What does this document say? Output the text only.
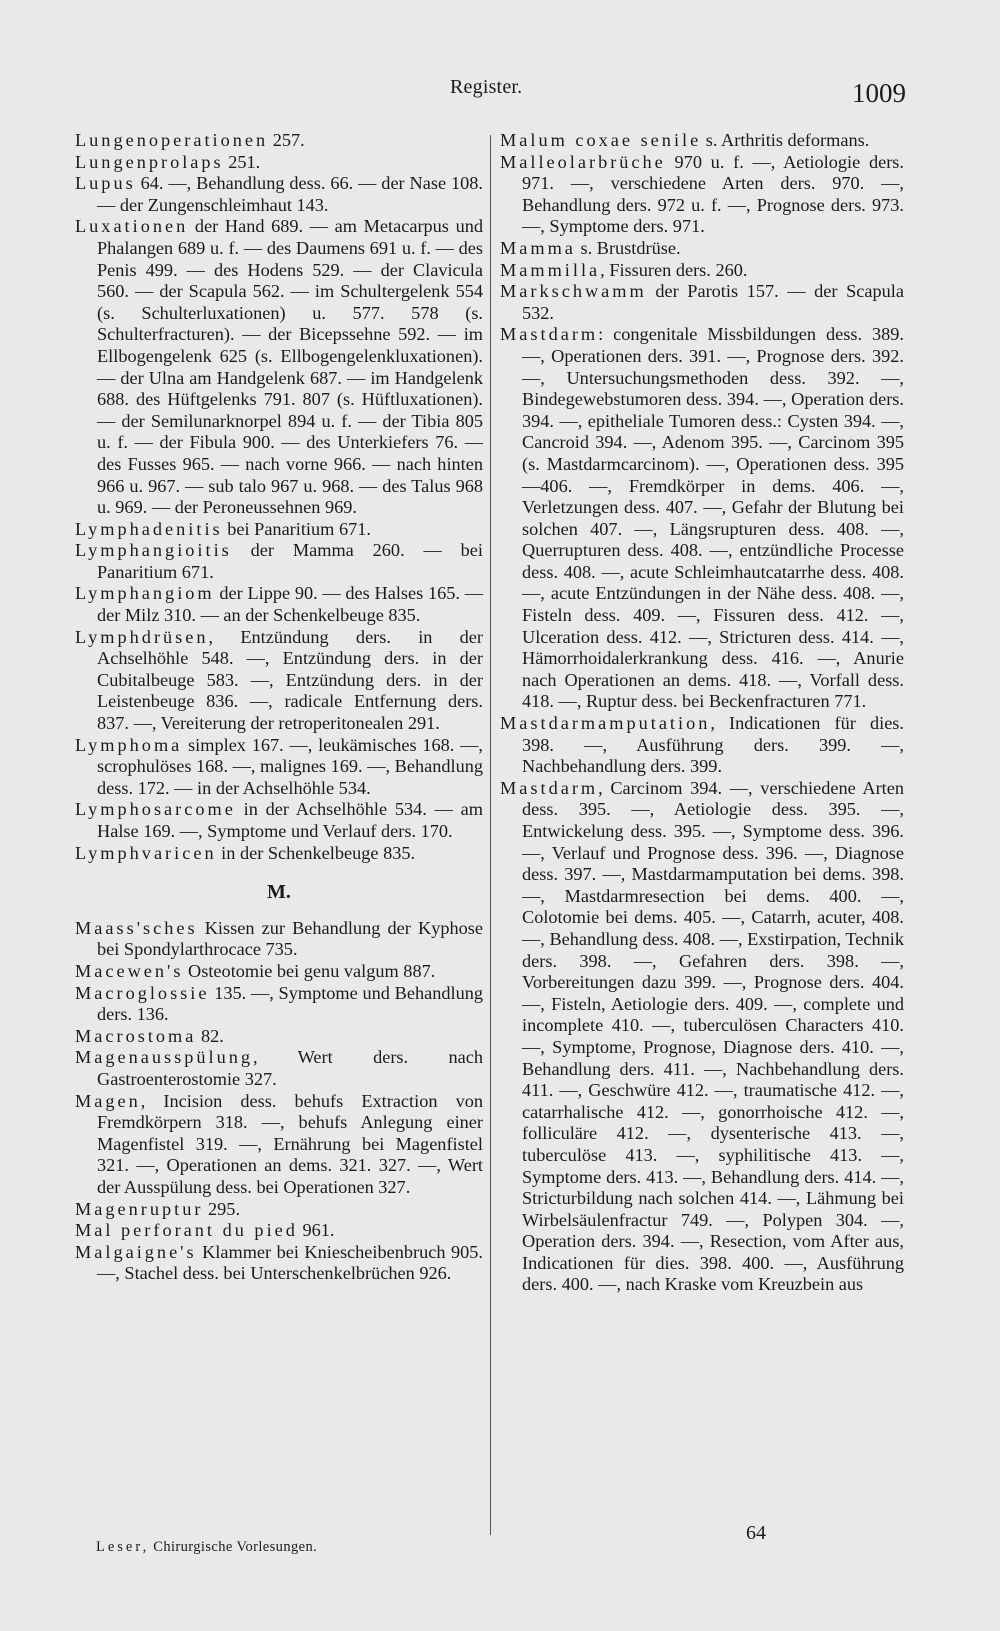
Register.	1009

Lungenoperationen 257.

Lungenprolaps 251.

Lupus 64. —, Behandlung dess. 66. — der Nase 108. — der Zungenschleimhaut 143.

Luxationen der Hand 689. — am Metacarpus und Phalangen 689 u. f. — des Daumens 691 u. f. — des Penis 499. — des Hodens 529. — der Clavicula 560. — der Scapula 562. — im Schultergelenk 554 (s. Schulterluxationen) u. 577. 578 (s. Schulterfracturen). — der Bicepssehne 592. — im Ellbogengelenk 625 (s. Ellbogengelenkluxationen). — der Ulna am Handgelenk 687. — im Handgelenk 688. des Hüftgelenks 791. 807 (s. Hüftluxationen). — der Semilunarknorpel 894 u. f. — der Tibia 805 u. f. — der Fibula 900. — des Unterkiefers 76. — des Fusses 965. — nach vorne 966. — nach hinten 966 u. 967. — sub talo 967 u. 968. — des Talus 968 u. 969. — der Peroneussehnen 969.

Lymphadenitis bei Panaritium 671.

Lymphangioitis der Mamma 260. — bei Panaritium 671.

Lymphangiom der Lippe 90. — des Halses 165. — der Milz 310. — an der Schenkelbeuge 835.

Lymphdrüsen, Entzündung ders. in der Achselhöhle 548. —, Entzündung ders. in der Cubitalbeuge 583. —, Entzündung ders. in der Leistenbeuge 836. —, radicale Entfernung ders. 837. —, Vereiterung der retroperitonealen 291.

Lymphoma simplex 167. —, leukämisches 168. —, scrophulöses 168. —, malignes 169. —, Behandlung dess. 172. — in der Achselhöhle 534.

Lymphosarcome in der Achselhöhle 534. — am Halse 169. —, Symptome und Verlauf ders. 170.

Lymphvaricen in der Schenkelbeuge 835.

M.

Maass'sches Kissen zur Behandlung der Kyphose bei Spondylarthrocace 735.

Macewen's Osteotomie bei genu valgum 887.

Macroglossie 135. —, Symptome und Behandlung ders. 136.

Macrostoma 82.

Magenausspülung, Wert ders. nach Gastroenterostomie 327.

Magen, Incision dess. behufs Extraction von Fremdkörpern 318. —, behufs Anlegung einer Magenfistel 319. —, Ernährung bei Magenfistel 321. —, Operationen an dems. 321. 327. —, Wert der Ausspülung dess. bei Operationen 327.

Magenruptur 295.

Mal perforant du pied 961.

Malgaigne's Klammer bei Kniescheibenbruch 905. —, Stachel dess. bei Unterschenkelbrüchen 926.

Malum coxae senile s. Arthritis deformans.

Malleolarbrüche 970 u. f. —, Aetiologie ders. 971. —, verschiedene Arten ders. 970. —, Behandlung ders. 972 u. f. —, Prognose ders. 973. —, Symptome ders. 971.

Mamma s. Brustdrüse.

Mammilla, Fissuren ders. 260.

Markschwamm der Parotis 157. — der Scapula 532.

Mastdarm: congenitale Missbildungen dess. 389. —, Operationen ders. 391. —, Prognose ders. 392. —, Untersuchungsmethoden dess. 392. —, Bindegewebstumoren dess. 394. —, Operation ders. 394. —, epitheliale Tumoren dess.: Cysten 394. —, Cancroid 394. —, Adenom 395. —, Carcinom 395 (s. Mastdarmcarcinom). —, Operationen dess. 395—406. —, Fremdkörper in dems. 406. —, Verletzungen dess. 407. —, Gefahr der Blutung bei solchen 407. —, Längsrupturen dess. 408. —, Querrupturen dess. 408. —, entzündliche Processe dess. 408. —, acute Schleimhautcatarrhe dess. 408. —, acute Entzündungen in der Nähe dess. 408. —, Fisteln dess. 409. —, Fissuren dess. 412. —, Ulceration dess. 412. —, Stricturen dess. 414. —, Hämorrhoidalerkrankung dess. 416. —, Anurie nach Operationen an dems. 418. —, Vorfall dess. 418. —, Ruptur dess. bei Beckenfracturen 771.

Mastdarmamputation, Indicationen für dies. 398. —, Ausführung ders. 399. —, Nachbehandlung ders. 399.

Mastdarm, Carcinom 394. —, verschiedene Arten dess. 395. —, Aetiologie dess. 395. —, Entwickelung dess. 395. —, Symptome dess. 396. —, Verlauf und Prognose dess. 396. —, Diagnose dess. 397. —, Mastdarmamputation bei dems. 398. —, Mastdarmresection bei dems. 400. —, Colotomie bei dems. 405. —, Catarrh, acuter, 408. —, Behandlung dess. 408. —, Exstirpation, Technik ders. 398. —, Gefahren ders. 398. —, Vorbereitungen dazu 399. —, Prognose ders. 404. —, Fisteln, Aetiologie ders. 409. —, complete und incomplete 410. —, tuberculösen Characters 410. —, Symptome, Prognose, Diagnose ders. 410. —, Behandlung ders. 411. —, Nachbehandlung ders. 411. —, Geschwüre 412. —, traumatische 412. —, catarrhalische 412. —, gonorrhoische 412. —, folliculäre 412. —, dysenterische 413. —, tuberculöse 413. —, syphilitische 413. —, Symptome ders. 413. —, Behandlung ders. 414. —, Stricturbildung nach solchen 414. —, Lähmung bei Wirbelsäulenfractur 749. —, Polypen 304. —, Operation ders. 394. —, Resection, vom After aus, Indicationen für dies. 398. 400. —, Ausführung ders. 400. —, nach Kraske vom Kreuzbein aus

Leser, Chirurgische Vorlesungen.
64
